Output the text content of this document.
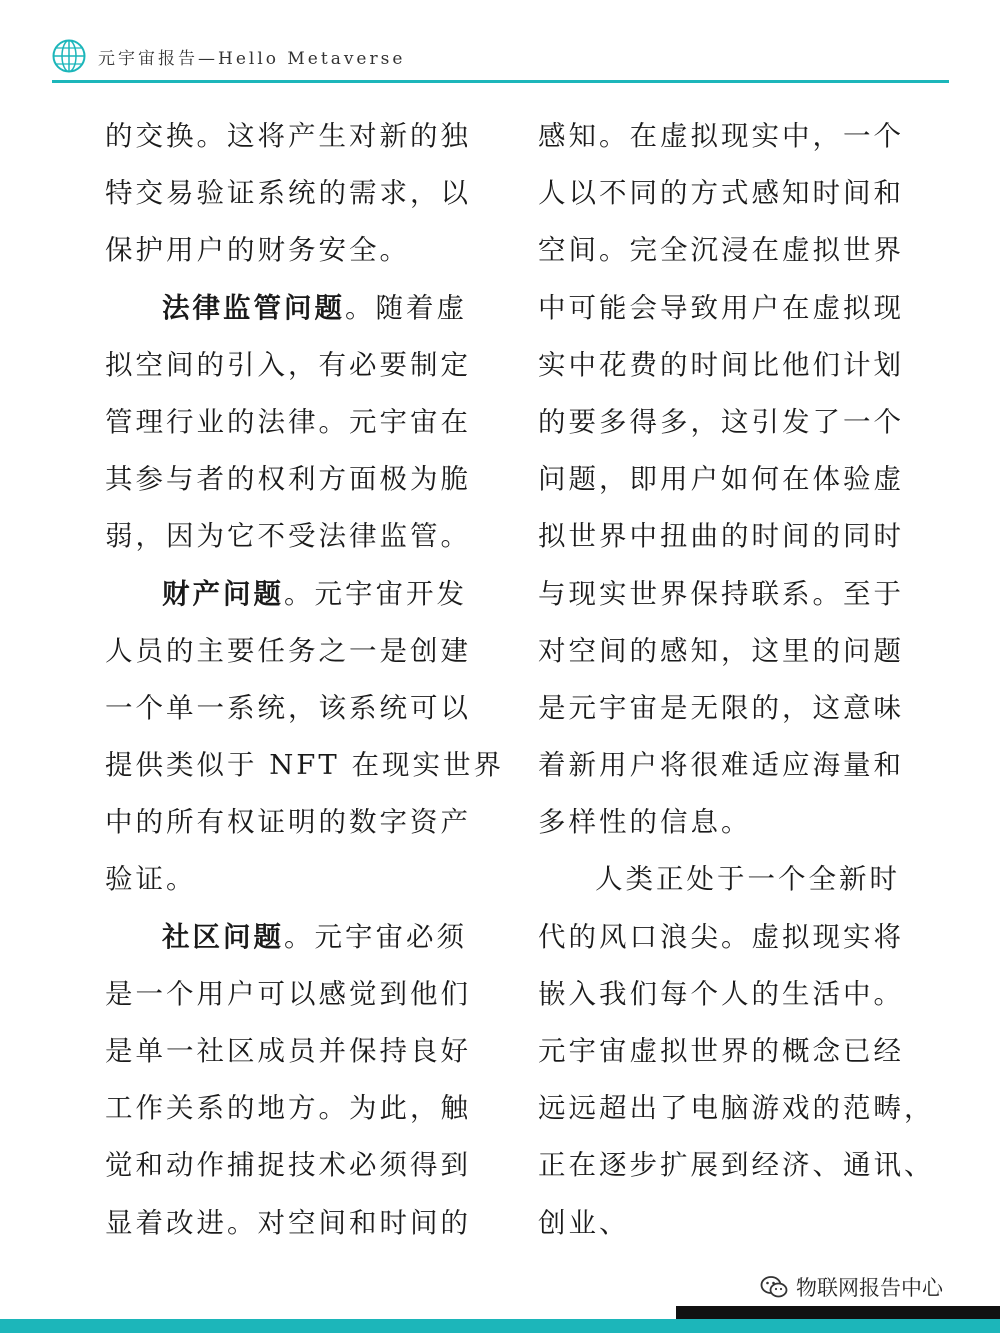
元宇宙报告—Hello Metaverse
的交换。这将产生对新的独
特交易验证系统的需求，以
保护用户的财务安全。
法律监管问题。随着虚
拟空间的引入，有必要制定
管理行业的法律。元宇宙在
其参与者的权利方面极为脆
弱，因为它不受法律监管。
财产问题。元宇宙开发
人员的主要任务之一是创建
一个单一系统，该系统可以
提供类似于 NFT 在现实世界
中的所有权证明的数字资产
验证。
社区问题。元宇宙必须
是一个用户可以感觉到他们
是单一社区成员并保持良好
工作关系的地方。为此，触
觉和动作捕捉技术必须得到
显着改进。对空间和时间的
感知。在虚拟现实中，一个
人以不同的方式感知时间和
空间。完全沉浸在虚拟世界
中可能会导致用户在虚拟现
实中花费的时间比他们计划
的要多得多，这引发了一个
问题，即用户如何在体验虚
拟世界中扭曲的时间的同时
与现实世界保持联系。至于
对空间的感知，这里的问题
是元宇宙是无限的，这意味
着新用户将很难适应海量和
多样性的信息。
人类正处于一个全新时
代的风口浪尖。虚拟现实将
嵌入我们每个人的生活中。
元宇宙虚拟世界的概念已经
远远超出了电脑游戏的范畴，
正在逐步扩展到经济、通讯、
创业、
物联网报告中心
